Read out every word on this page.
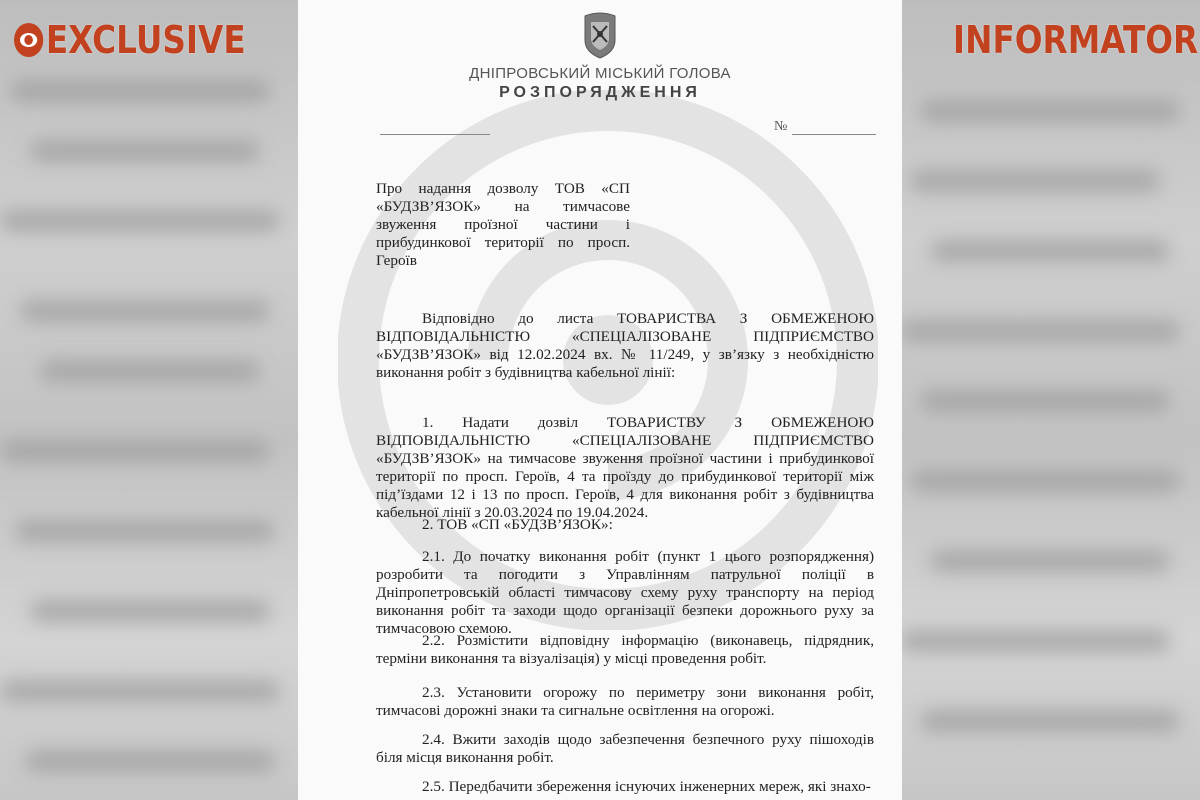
EXCLUSIVE	INFORMATOR
ДНІПРОВСЬКИЙ МІСЬКИЙ ГОЛОВА
РОЗПОРЯДЖЕННЯ
№
Про надання дозволу ТОВ «СП «БУДЗВ’ЯЗОК» на тимчасове звуження проїзної частини і прибудинкової території по просп. Героїв
Відповідно до листа ТОВАРИСТВА З ОБМЕЖЕНОЮ ВІДПОВІДАЛЬНІСТЮ «СПЕЦІАЛІЗОВАНЕ ПІДПРИЄМСТВО «БУДЗВ’ЯЗОК» від 12.02.2024 вх. № 11/249, у зв’язку з необхідністю виконання робіт з будівництва кабельної лінії:
1. Надати дозвіл ТОВАРИСТВУ З ОБМЕЖЕНОЮ ВІДПОВІДАЛЬНІСТЮ «СПЕЦІАЛІЗОВАНЕ ПІДПРИЄМСТВО «БУДЗВ’ЯЗОК» на тимчасове звуження проїзної частини і прибудинкової території по просп. Героїв, 4 та проїзду до прибудинкової території між під’їздами 12 і 13 по просп. Героїв, 4 для виконання робіт з будівництва кабельної лінії з 20.03.2024 по 19.04.2024.
2. ТОВ «СП «БУДЗВ’ЯЗОК»:
2.1. До початку виконання робіт (пункт 1 цього розпорядження) розробити та погодити з Управлінням патрульної поліції в Дніпропетровській області тимчасову схему руху транспорту на період виконання робіт та заходи щодо організації безпеки дорожнього руху за тимчасовою схемою.
2.2. Розмістити відповідну інформацію (виконавець, підрядник, терміни виконання та візуалізація) у місці проведення робіт.
2.3. Установити огорожу по периметру зони виконання робіт, тимчасові дорожні знаки та сигнальне освітлення на огорожі.
2.4. Вжити заходів щодо забезпечення безпечного руху пішоходів біля місця виконання робіт.
2.5. Передбачити збереження існуючих інженерних мереж, які знахо-
